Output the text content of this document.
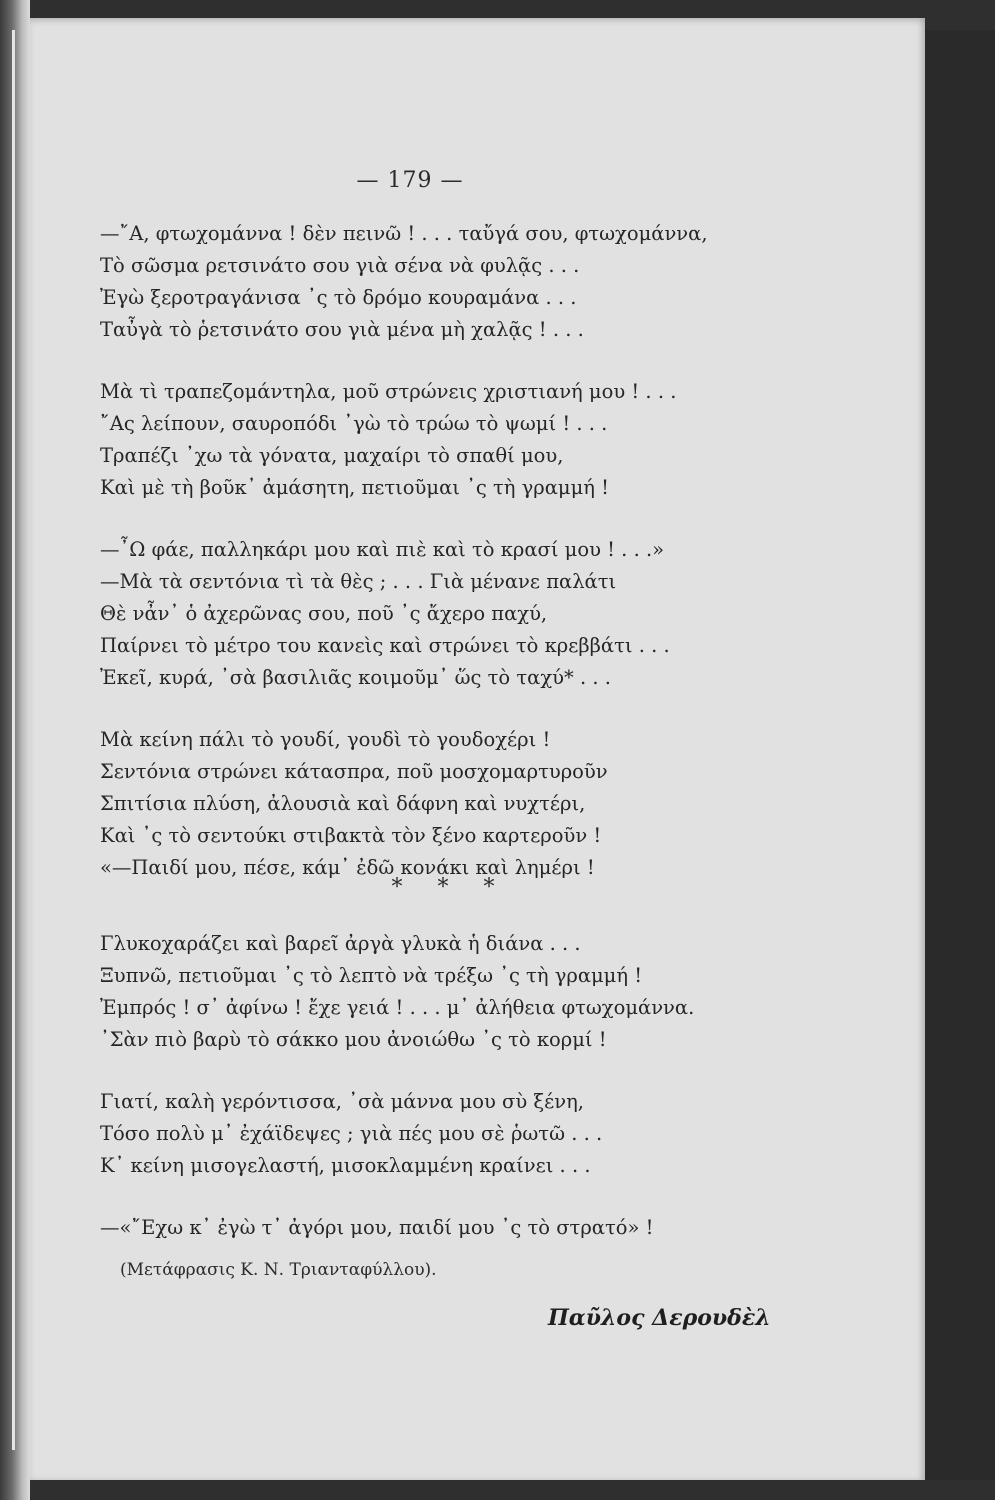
— 179 —
—῎Α, φτωχομάννα ! δὲν πεινῶ ! . . . ταὔγά σου, φτωχομάννα,
Τὸ σῶσμα ρετσινάτο σου γιὰ σένα νὰ φυλᾷς . . .
Ἐγὼ ξεροτραγάνισα ᾽ς τὸ δρόμο κουραμάνα . . .
Ταὖγὰ τὸ ῥετσινάτο σου γιὰ μένα μὴ χαλᾷς ! . . .
Μὰ τὶ τραπεζομάντηλα, μοῦ στρώνεις χριστιανή μου ! . . .
῎Ας λείπουν, σαυροπόδι ᾽γὼ τὸ τρώω τὸ ψωμί ! . . .
Τραπέζι ᾽χω τὰ γόνατα, μαχαίρι τὸ σπαθί μου,
Καὶ μὲ τὴ βοῦκ᾽ ἀμάσητη, πετιοῦμαι ᾽ς τὴ γραμμή !
—῏Ω φάε, παλληκάρι μου καὶ πιὲ καὶ τὸ κρασί μου ! . . .»
—Μὰ τὰ σεντόνια τὶ τὰ θὲς ; . . . Γιὰ μένανε παλάτι
Θὲ νἆν᾽ ὁ ἀχερῶνας σου, ποῦ ᾽ς ἄχερο παχύ,
Παίρνει τὸ μέτρο του κανεὶς καὶ στρώνει τὸ κρεββάτι . . .
Ἐκεῖ, κυρά, ᾽σὰ βασιλιᾶς κοιμοῦμ᾽ ὥς τὸ ταχύ* . . .
Μὰ κείνη πάλι τὸ γουδί, γουδὶ τὸ γουδοχέρι !
Σεντόνια στρώνει κάτασπρα, ποῦ μοσχομαρτυροῦν
Σπιτίσια πλύση, ἀλουσιὰ καὶ δάφνη καὶ νυχτέρι,
Καὶ ᾽ς τὸ σεντούκι στιβακτὰ τὸν ξένο καρτεροῦν !
«—Παιδί μου, πέσε, κάμ᾽ ἐδῶ κονάκι καὶ λημέρι !
* * *
Γλυκοχαράζει καὶ βαρεῖ ἀργὰ γλυκὰ ἡ διάνα . . .
Ξυπνῶ, πετιοῦμαι ᾽ς τὸ λεπτὸ νὰ τρέξω ᾽ς τὴ γραμμή !
Ἐμπρός ! σ᾽ ἀφίνω ! ἔχε γειά ! . . . μ᾽ ἀλήθεια φτωχομάννα.
᾽Σὰν πιὸ βαρὺ τὸ σάκκο μου ἀνοιώθω ᾽ς τὸ κορμί !
Γιατί, καλὴ γερόντισσα, ᾽σὰ μάννα μου σὺ ξένη,
Τόσο πολὺ μ᾽ ἐχάϊδεψες ; γιὰ πές μου σὲ ῥωτῶ . . .
Κ᾽ κείνη μισογελαστή, μισοκλαμμένη κραίνει . . .
—«῎Εχω κ᾽ ἐγὼ τ᾽ ἀγόρι μου, παιδί μου ᾽ς τὸ στρατό» !
(Μετάφρασις Κ. Ν. Τριανταφύλλου).
Παῦλος Δερουδὲλ
